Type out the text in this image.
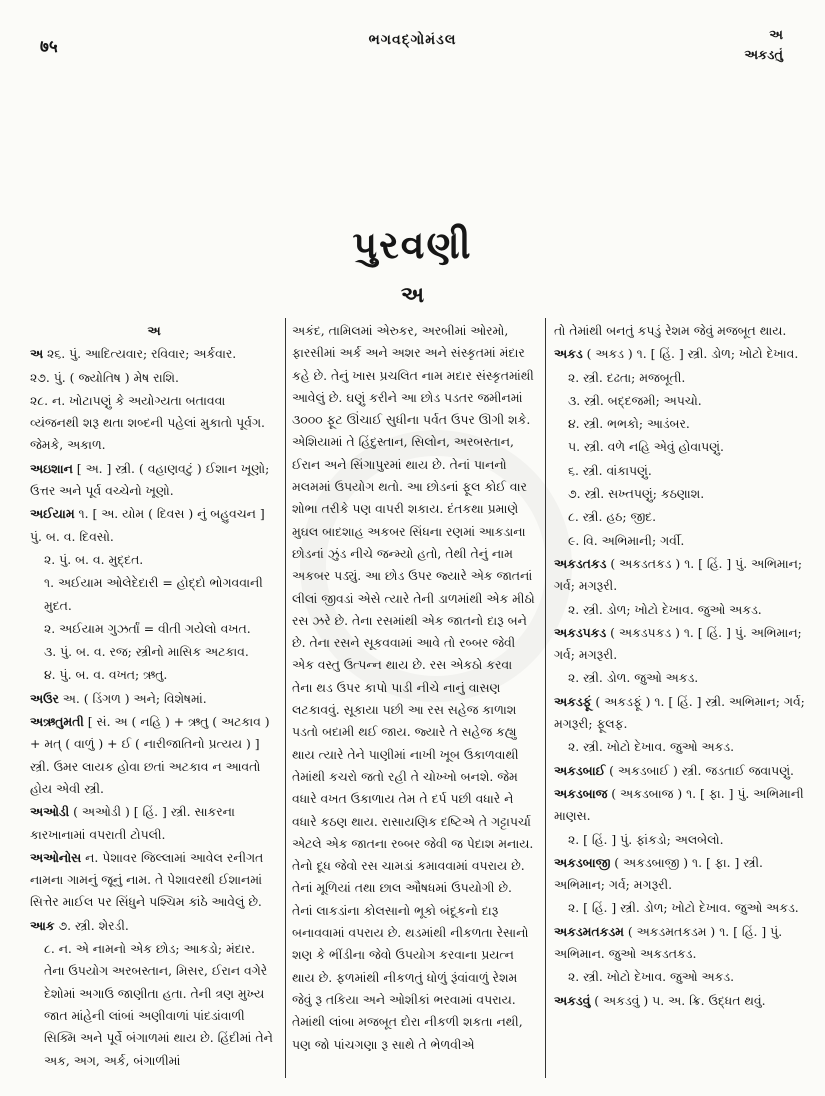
७५	ભગવદ્ગોમંડલ	અ
અકડતું
પુરવણી
અ
અ
અ ૨૬. પું. આદિત્યવાર; રવિવાર; અર્કવાર.
૨૭. પું. ( જ્યોતિષ ) મેષ રાશિ.
૨૮. ન. ખોટાપણું કે અયોગ્યતા બતાવવા વ્યંજનથી શરૂ થતા શબ્દની પહેલાં મુકાતો પૂર્વગ. જેમકે, અકાળ.
અઇશાન [ અ. ] સ્ત્રી. ( વહાણવટું ) ઈશાન ખૂણો; ઉત્તર અને પૂર્વ વચ્ચેનો ખૂણો.
અઈયામ ૧. [ અ. યોમ ( દિવસ ) નું બહુવચન ] પું. બ. વ. દિવસો.
૨. પું. બ. વ. મુદ્દત.
૧. અઈયામ ઓલેદેદારી = હોદ્દો ભોગવવાની મુદત.
૨. અઈયામ ગુઝર્તાં = વીતી ગયેલો વખત.
૩. પું. બ. વ. રજ; સ્ત્રીનો માસિક અટકાવ.
૪. પું. બ. વ. વખત; ઋતુ.
અઉર અ. ( ડિંગળ ) અને; વિશેષમાં.
અઋતુમતી [ સં. અ ( નહિ ) + ઋતુ ( અટકાવ ) + મત્ ( વાળું ) + ઈ ( નારીજાતિનો પ્રત્યય ) ] સ્ત્રી. ઉમર લાયક હોવા છતાં અટકાવ ન આવતો હોય એવી સ્ત્રી.
અઓડી ( અઓડી ) [ હિં. ] સ્ત્રી. સાકરના કારખાનામાં વપરાતી ટોપલી.
અઓનોસ ન. પેશાવર જિલ્લામાં આવેલ રનીગત નામના ગામનું જૂનું નામ. તે પેશાવરથી ઈશાનમાં સિત્તેર માઈલ પર સિંધુને પશ્ચિમ કાંઠે આવેલું છે.
આક ૭. સ્ત્રી. શેરડી.
૮. ન. એ નામનો એક છોડ; આકડો; મંદાર. તેના ઉપયોગ અરબસ્તાન, મિસર, ઈરાન વગેરે દેશોમાં અગાઉ જાણીતા હતા. તેની ત્રણ મુખ્ય જાત માંહેની લાંબાં અણીવાળાં પાંદડાંવાળી સિક્મિ અને પૂર્વે બંગાળમાં થાય છે. હિંદીમાં તેને અક, અગ, અર્ક, બંગાળીમાં
અકંદ, તામિલમાં એરુકર, અરબીમાં ઓરમો, ફારસીમાં અર્ક અને અશર અને સંસ્કૃતમાં મંદાર કહે છે. તેનું ખાસ પ્રચલિત નામ મદાર સંસ્કૃતમાંથી આવેલું છે. ઘણું કરીને આ છોડ પડતર જમીનમાં ૩૦૦૦ ફૂટ ઊંચાઈ સુધીના પર્વત ઉપર ઊગી શકે. એશિયામાં તે હિંદુસ્તાન, સિલોન, અરબસ્તાન, ઈરાન અને સિંગાપુરમાં થાય છે. તેનાં પાનનો મલમમાં ઉપયોગ થતો. આ છોડનાં ફૂલ કોઈ વાર શોભા તરીકે પણ વાપરી શકાય. દંતકથા પ્રમાણે મુઘલ બાદશાહ અકબર સિંધના રણમાં આકડાના છોડનાં ઝુંડ નીચે જન્મ્યો હતો, તેથી તેનું નામ અકબર પડ્યું. આ છોડ ઉપર જ્યારે એક જાતનાં લીલાં જીવડાં એસે ત્યારે તેની ડાળમાંથી એક મીઠો રસ ઝરે છે. તેના રસમાંથી એક જાતનો દારૂ બને છે. તેના રસને સૂકવવામાં આવે તો રબ્બર જેવી એક વસ્તુ ઉત્પન્ન થાય છે. રસ એકઠો કરવા તેના થડ ઉપર કાપો પાડી નીચે નાનું વાસણ લટકાવવું. સૂકાયા પછી આ રસ સહેજ કાળાશ પડતો બદામી થઈ જાય. જ્યારે તે સહેજ કહ્યુ થાય ત્યારે તેને પાણીમાં નાખી ખૂબ ઉકાળવાથી તેમાંથી કચરો જતો રહી તે ચોખ્ખો બનશે. જેમ વધારે વખત ઉકાળાય તેમ તે દર્પ પછી વધારે ને વધારે કઠણ થાય. રાસાયણિક દષ્ટિએ તે ગટ્ટાપર્ચા એટલે એક જાતના રબ્બર જેવી જ પેદાશ મનાય. તેનો દૂધ જેવો રસ ચામડાં કમાવવામાં વપરાય છે. તેનાં મૂળિયાં તથા છાલ ઔષધમાં ઉપયોગી છે. તેનાં લાકડાંના કોલસાનો ભૂકો બંદૂકનો દારૂ બનાવવામાં વપરાય છે. થડમાંથી નીકળતા રેસાનો શણ કે ભીંડીના જેવો ઉપયોગ કરવાના પ્રયત્ન થાય છે. ફળમાંથી નીકળતું ધોળું રૂંવાંવાળું રેશમ જેવું રૂ તકિયા અને ઓશીકાં ભરવામાં વપરાય. તેમાંથી લાંબા મજબૂત દોરા નીકળી શકતા નથી, પણ જો પાંચગણા રૂ સાથે તે ભેળવીએ
તો તેમાંથી બનતું કપડું રેશમ જેવું મજબૂત થાય.
અકડ ( અકડ ) ૧. [ હિં. ] સ્ત્રી. ડોળ; ખોટો દેખાવ.
૨. સ્ત્રી. દઢતા; મજબૂતી.
૩. સ્ત્રી. બદ્દજમી; અપચો.
૪. સ્ત્રી. ભભકો; આડંબર.
૫. સ્ત્રી. વળે નહિ એવું હોવાપણું.
૬. સ્ત્રી. વાંકાપણું.
૭. સ્ત્રી. સખ્તપણું; કઠણાશ.
૮. સ્ત્રી. હઠ; જીદ.
૯. વિ. અભિમાની; ગર્વી.
અકડતકડ ( અકડતકડ ) ૧. [ હિં. ] પું. અભિમાન; ગર્વ; મગરૂરી.
૨. સ્ત્રી. ડોળ; ખોટો દેખાવ. જુઓ અકડ.
અકડપકડ ( અકડપકડ ) ૧. [ હિં. ] પું. અભિમાન; ગર્વ; મગરૂરી.
૨. સ્ત્રી. ડોળ. જુઓ અકડ.
અકડફૂં ( અકડફૂં ) ૧. [ હિં. ] સ્ત્રી. અભિમાન; ગર્વ; મગરૂરી; ફૂલફ.
૨. સ્ત્રી. ખોટો દેખાવ. જુઓ અકડ.
અકડબાઈ ( અકડબાઈ ) સ્ત્રી. જડતાઈ જવાપણું.
અકડબાજ ( અકડબાજ ) ૧. [ ફા. ] પું. અભિમાની માણસ.
૨. [ હિં. ] પું. ફાંકડો; અલબેલો.
અકડબાજી ( અકડબાજી ) ૧. [ ફા. ] સ્ત્રી. અભિમાન; ગર્વ; મગરૂરી.
૨. [ હિં. ] સ્ત્રી. ડોળ; ખોટો દેખાવ. જુઓ અકડ.
અકડમતકડમ ( અકડમતકડમ ) ૧. [ હિં. ] પું. અભિમાન. જુઓ અકડતકડ.
૨. સ્ત્રી. ખોટો દેખાવ. જુઓ અકડ.
અકડવું ( અકડવું ) ૫. અ. ક્રિ. ઉદ્ધત થવું.
